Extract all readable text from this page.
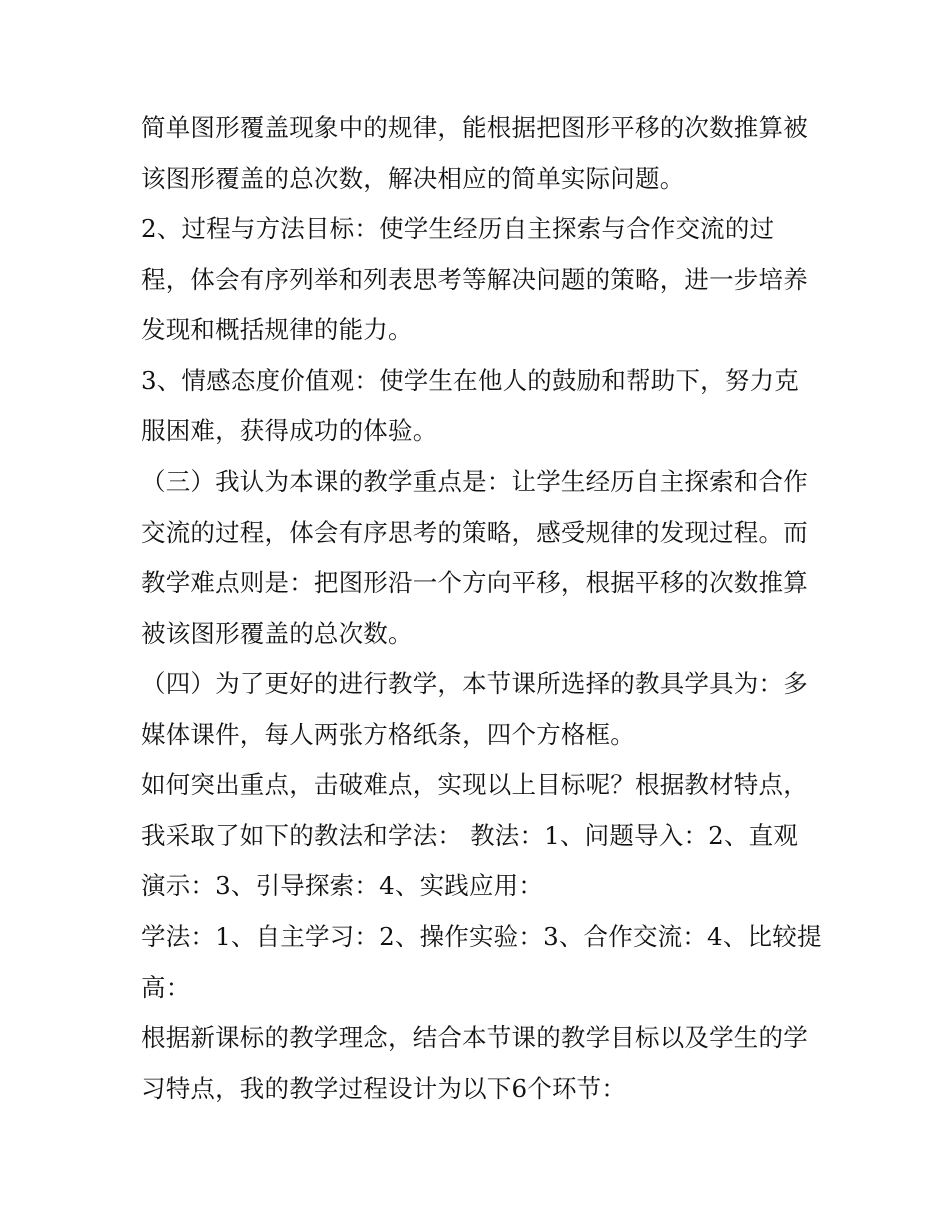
简单图形覆盖现象中的规律，能根据把图形平移的次数推算被
该图形覆盖的总次数，解决相应的简单实际问题。
2、过程与方法目标：使学生经历自主探索与合作交流的过
程，体会有序列举和列表思考等解决问题的策略，进一步培养
发现和概括规律的能力。
3、情感态度价值观：使学生在他人的鼓励和帮助下，努力克
服困难，获得成功的体验。
（三）我认为本课的教学重点是：让学生经历自主探索和合作
交流的过程，体会有序思考的策略，感受规律的发现过程。而
教学难点则是：把图形沿一个方向平移，根据平移的次数推算
被该图形覆盖的总次数。
（四）为了更好的进行教学，本节课所选择的教具学具为：多
媒体课件，每人两张方格纸条，四个方格框。
如何突出重点，击破难点，实现以上目标呢？根据教材特点，
我采取了如下的教法和学法： 教法：1、问题导入：2、直观
演示：3、引导探索：4、实践应用：
学法：1、自主学习：2、操作实验：3、合作交流：4、比较提
高：
根据新课标的教学理念，结合本节课的教学目标以及学生的学
习特点，我的教学过程设计为以下6个环节：
